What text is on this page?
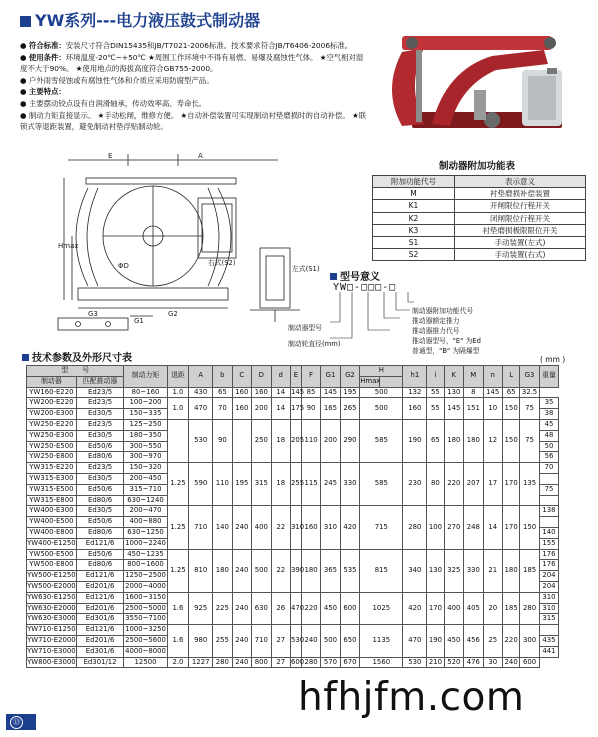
YW系列---电力液压鼓式制动器

● 符合标准：安装尺寸符合DIN15435和JB/T7021-2006标准。技术要求符合JB/T6406-2006标准。

● 使用条件：环境温度-20℃~+50℃ ★周围工作环境中不得有易燃、易爆及腐蚀性气体。 ★空气相对湿度不大于90%。 ★使用地点的海拔高度符合GB755-2000。

● 户外雨雪侵蚀或有腐蚀性气体和介质应采用防腐型产品。

● 主要特点：

● 主要摆动铰点设有自润滑轴承，传动效率高、寿命长。

● 制动力矩直接显示。 ★手动松闸，维修方便。 ★自动补偿装置可实现制动衬垫磨损时的自动补偿。 ★联锁式等退距装置，避免制动衬垫浮贴制动轮。

E	A
Hmax
G3	G2
G1
ΦD	右式(S2)
左式(S1)
制动器附加功能表
附加功能代号	表示意义
M	衬垫磨损补偿装置
K1	开闸限位行程开关
K2	闭闸限位行程开关
K3	衬垫磨损极限限位开关
S1	手动装置(左式)
S2	手动装置(右式)
型号意义
YW□-□□□-□
制动器附加功能代号
推动器额定推力
推动器推力代号
推动器型号，"E" 为Ed
普通型，"B" 为隔爆型
制动器型号
制动轮直径(mm)
技术参数及外形尺寸表	( mm )
型　　号		制动力矩	退距	A	b	C	D	d	E	F	G1	G2	H		h1	i	K	M	n	L	G3	重量
制动器	匹配推动器												Hmax									
YW160-E220	Ed23/5	80~160	1.0	430	65	160	160	14	145	85	145	195	500		132	55	130	8	145	65	32.5	
YW200-E220	Ed23/5	100~200	1.0	470	70	160	200	14	175	90	165	265	500		160	55	145	151	10	150	75	35
YW200-E300	Ed30/5	150~335																				38
YW250-E220	Ed23/5	125~250		530	90		250	18	205	110	200	290	585		190	65	180	180	12	150	75	45
YW250-E300	Ed30/5	180~350																				48
YW250-E500	Ed50/6	300~550																				50
YW250-E800	Ed80/6	300~970																				56
YW315-E220	Ed23/5	150~320	1.25	590	110	195	315	18	255	115	245	330	585		230	80	220	207	17	170	135	70
YW315-E300	Ed30/5	200~450																				
YW315-E500	Ed50/6	315~710																				75
YW315-E800	Ed80/6	630~1240																				
YW400-E300	Ed30/5	200~470	1.25	710	140	240	400	22	310	160	310	420	715		280	100	270	248	14	170	150	138
YW400-E500	Ed50/6	400~880																				
YW400-E800	Ed80/6	630~1250																				140
YW400-E1250	Ed121/6	1000~2240																				155
YW500-E500	Ed50/6	450~1235	1.25	810	180	240	500	22	390	180	365	535	815		340	130	325	330	21	180	185	176
YW500-E800	Ed80/6	800~1600																				176
YW500-E1250	Ed121/6	1250~2500																				204
YW500-E2000	Ed201/6	2000~4000																				204
YW630-E1250	Ed121/6	1600~3150	1.6	925	225	240	630	26	470	220	450	600	1025		420	170	400	405	20	185	280	310
YW630-E2000	Ed201/6	2500~5000																				310
YW630-E3000	Ed301/6	3550~7100																				315
YW710-E1250	Ed121/6	1000~3250	1.6	980	255	240	710	27	530	240	500	650	1135		470	190	450	456	25	220	300	
YW710-E2000	Ed201/6	2500~5600																				435
YW710-E3000	Ed301/6	4000~8000																				441
YW800-E3000	Ed301/12	12500	2.0	1227	280	240	800	27	600	280	570	670	1560		530	210	520	476	30	240	600	
⑬
hfhjfm.com
